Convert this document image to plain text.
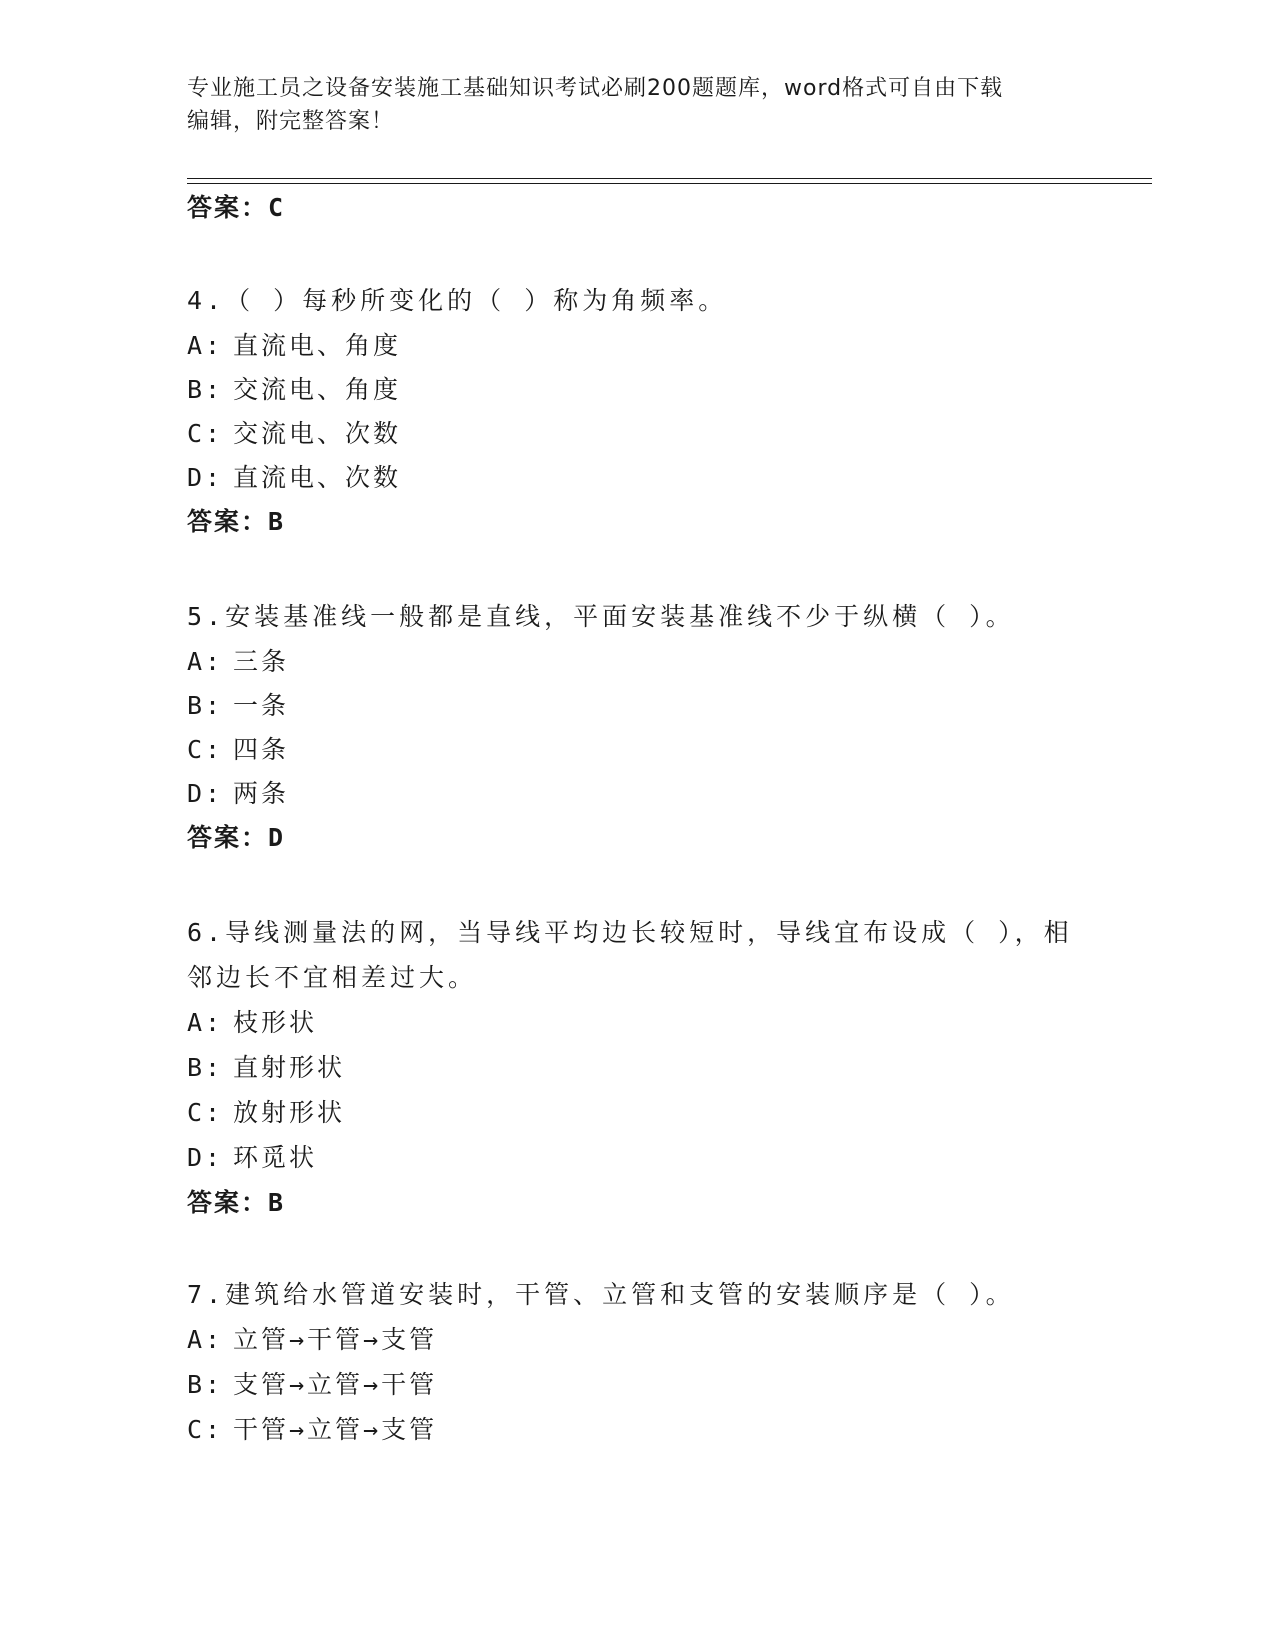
专业施工员之设备安装施工基础知识考试必刷200题题库，word格式可自由下载
编辑，附完整答案！
答案：C
4.（ ）每秒所变化的（ ）称为角频率。
A: 直流电、角度
B: 交流电、角度
C: 交流电、次数
D: 直流电、次数
答案：B
5.安装基准线一般都是直线，平面安装基准线不少于纵横（ ）。
A: 三条
B: 一条
C: 四条
D: 两条
答案：D
6.导线测量法的网，当导线平均边长较短时，导线宜布设成（ ），相
邻边长不宜相差过大。
A: 枝形状
B: 直射形状
C: 放射形状
D: 环觅状
答案：B
7.建筑给水管道安装时，干管、立管和支管的安装顺序是（ ）。
A: 立管→干管→支管
B: 支管→立管→干管
C: 干管→立管→支管
